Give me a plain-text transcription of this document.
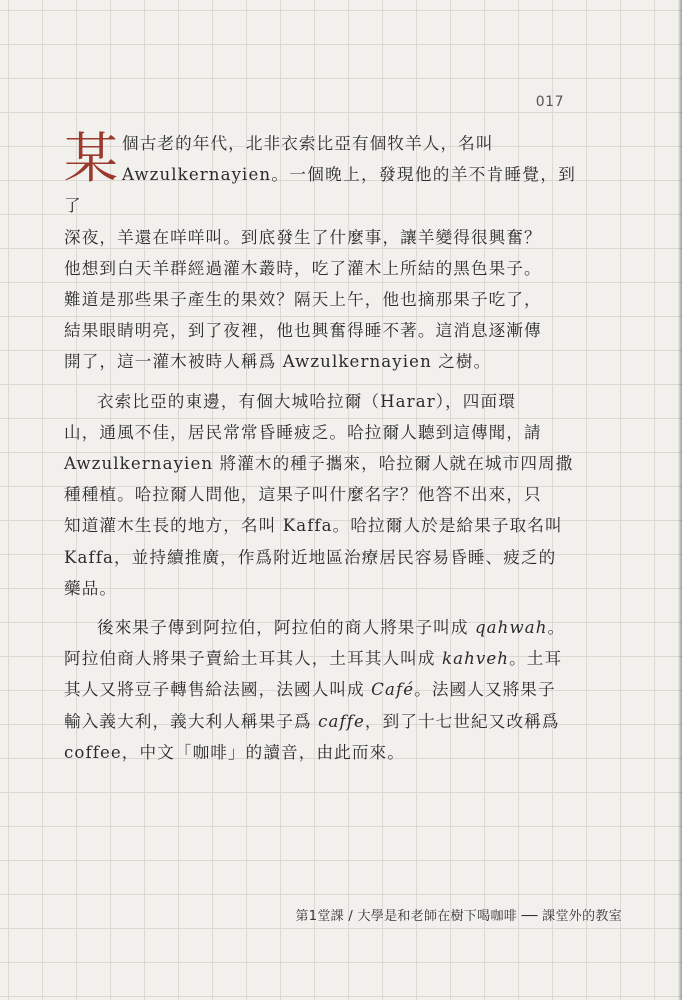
017

某 個古老的年代，北非衣索比亞有個牧羊人，名叫
Awzulkernayien。一個晚上，發現他的羊不肯睡覺，到了
深夜，羊還在咩咩叫。到底發生了什麼事，讓羊變得很興奮？
他想到白天羊群經過灌木叢時，吃了灌木上所結的黑色果子。
難道是那些果子產生的果效？隔天上午，他也摘那果子吃了，
結果眼睛明亮，到了夜裡，他也興奮得睡不著。這消息逐漸傳
開了，這一灌木被時人稱爲 Awzulkernayien 之樹。

衣索比亞的東邊，有個大城哈拉爾（Harar），四面環
山，通風不佳，居民常常昏睡疲乏。哈拉爾人聽到這傳聞，請
Awzulkernayien 將灌木的種子攜來，哈拉爾人就在城市四周撒
種種植。哈拉爾人問他，這果子叫什麼名字？他答不出來，只
知道灌木生長的地方，名叫 Kaffa。哈拉爾人於是給果子取名叫
Kaffa，並持續推廣，作爲附近地區治療居民容易昏睡、疲乏的
藥品。

後來果子傳到阿拉伯，阿拉伯的商人將果子叫成 qahwah。
阿拉伯商人將果子賣給土耳其人，土耳其人叫成 kahveh。土耳
其人又將豆子轉售給法國，法國人叫成 Café。法國人又將果子
輸入義大利，義大利人稱果子爲 caffe，到了十七世紀又改稱爲
coffee，中文「咖啡」的讀音，由此而來。

第1堂課 / 大學是和老師在樹下喝咖啡 ── 課堂外的教室
